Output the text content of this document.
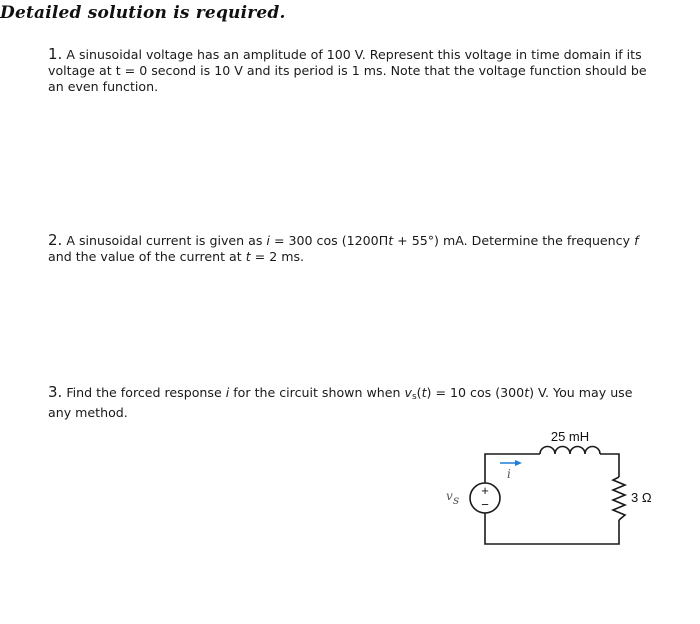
Detailed solution is required.
1. A sinusoidal voltage has an amplitude of 100 V. Represent this voltage in time domain if its
voltage at t = 0 second is 10 V and its period is 1 ms. Note that the voltage function should be
an even function.
2. A sinusoidal current is given as i = 300 cos (1200Πt + 55°) mA. Determine the frequency f
and the value of the current at t = 2 ms.
3. Find the forced response i for the circuit shown when $v_s(t) = 10$ cos (300t) V. You may use
any method.
+
−
25 mH
3 Ω
i
v s
